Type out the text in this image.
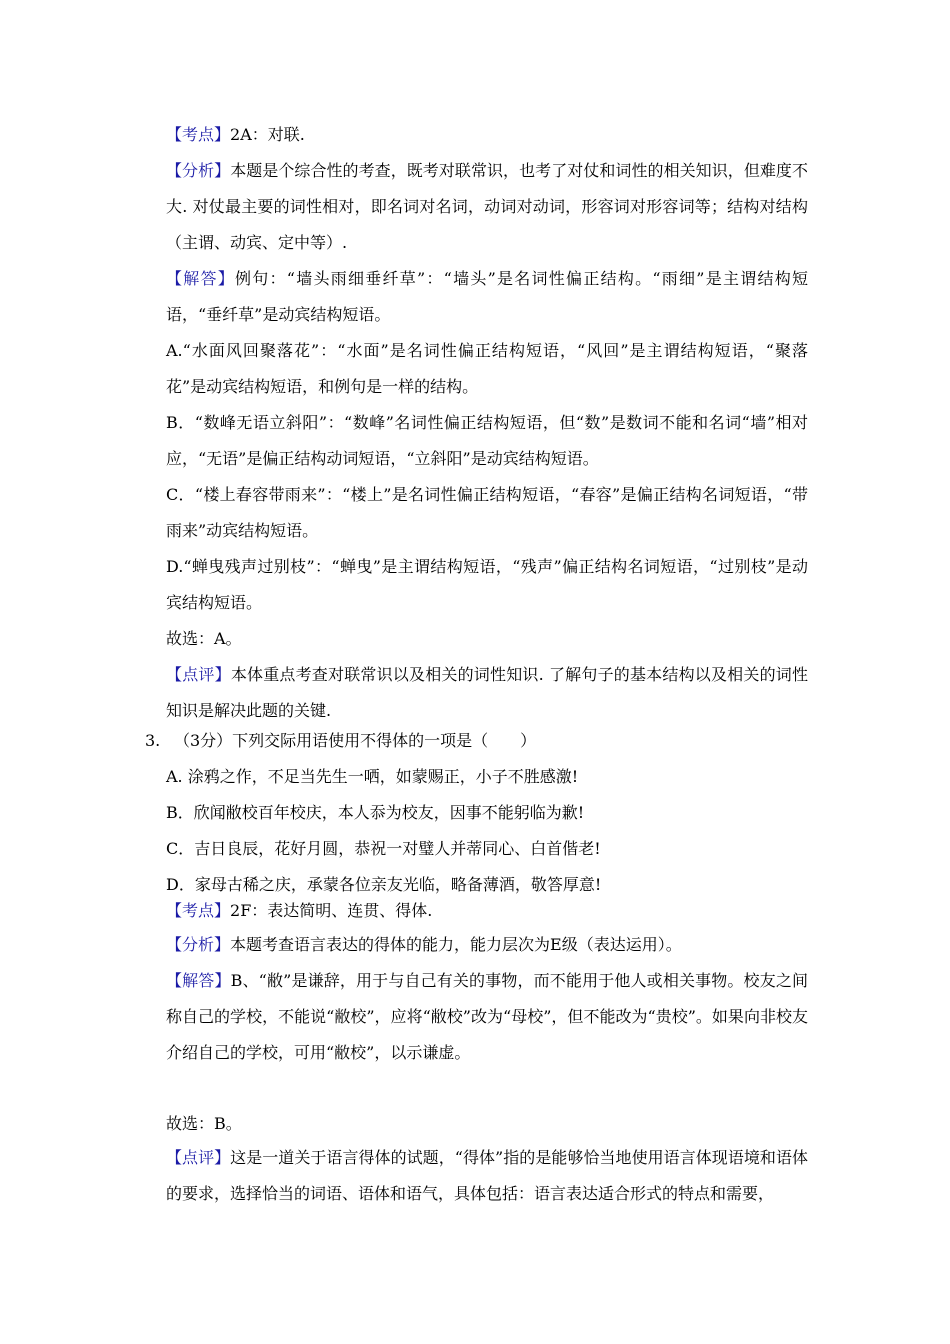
【考点】2A：对联.

【分析】本题是个综合性的考查，既考对联常识，也考了对仗和词性的相关知识，但难度不大. 对仗最主要的词性相对，即名词对名词，动词对动词，形容词对形容词等；结构对结构（主谓、动宾、定中等）.

【解答】例句：“墙头雨细垂纤草”：“墙头”是名词性偏正结构。“雨细”是主谓结构短语，“垂纤草”是动宾结构短语。

A.“水面风回聚落花”：“水面”是名词性偏正结构短语，“风回”是主谓结构短语，“聚落花”是动宾结构短语，和例句是一样的结构。

B．“数峰无语立斜阳”：“数峰”名词性偏正结构短语，但“数”是数词不能和名词“墙”相对应，“无语”是偏正结构动词短语，“立斜阳”是动宾结构短语。

C．“楼上春容带雨来”：“楼上”是名词性偏正结构短语，“春容”是偏正结构名词短语，“带雨来”动宾结构短语。

D.“蝉曳残声过别枝”：“蝉曳”是主谓结构短语，“残声”偏正结构名词短语，“过别枝”是动宾结构短语。

故选：A。

【点评】本体重点考查对联常识以及相关的词性知识. 了解句子的基本结构以及相关的词性知识是解决此题的关键.

3. （3分）下列交际用语使用不得体的一项是（　　）

A. 涂鸦之作，不足当先生一哂，如蒙赐正，小子不胜感激!

B．欣闻敝校百年校庆，本人忝为校友，因事不能躬临为歉!

C．吉日良辰，花好月圆，恭祝一对璧人并蒂同心、白首偕老!

D．家母古稀之庆，承蒙各位亲友光临，略备薄酒，敬答厚意!

【考点】2F：表达简明、连贯、得体.

【分析】本题考查语言表达的得体的能力，能力层次为E级（表达运用）。

【解答】B、“敝”是谦辞，用于与自己有关的事物，而不能用于他人或相关事物。校友之间称自己的学校，不能说“敝校”，应将“敝校”改为“母校”，但不能改为“贵校”。如果向非校友介绍自己的学校，可用“敝校”，以示谦虚。

故选：B。

【点评】这是一道关于语言得体的试题，“得体”指的是能够恰当地使用语言体现语境和语体的要求，选择恰当的词语、语体和语气，具体包括：语言表达适合形式的特点和需要，
